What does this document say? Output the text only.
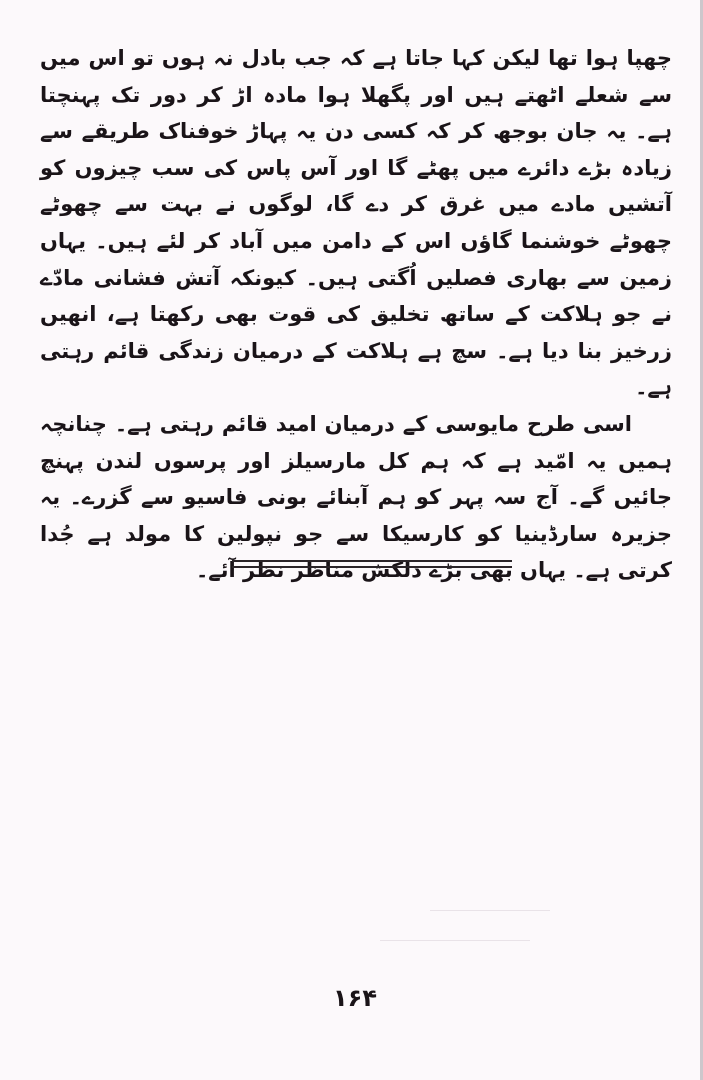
چھپا ہوا تھا لیکن کہا جاتا ہے کہ جب بادل نہ ہوں تو اس میں سے شعلے اٹھتے ہیں اور پگھلا ہوا مادہ اڑ کر دور تک پہنچتا ہے۔ یہ جان بوجھ کر کہ کسی دن یہ پہاڑ خوفناک طریقے سے زیادہ بڑے دائرے میں پھٹے گا اور آس پاس کی سب چیزوں کو آتشیں مادے میں غرق کر دے گا، لوگوں نے بہت سے چھوٹے چھوٹے خوشنما گاؤں اس کے دامن میں آباد کر لئے ہیں۔ یہاں زمین سے بھاری فصلیں اُگتی ہیں۔ کیونکہ آتش فشانی مادّے نے جو ہلاکت کے ساتھ تخلیق کی قوت بھی رکھتا ہے، انھیں زرخیز بنا دیا ہے۔ سچ ہے ہلاکت کے درمیان زندگی قائم رہتی ہے۔

اسی طرح مایوسی کے درمیان امید قائم رہتی ہے۔ چنانچہ ہمیں یہ امّید ہے کہ ہم کل مارسیلز اور پرسوں لندن پہنچ جائیں گے۔ آج سہ پہر کو ہم آبنائے بونی فاسیو سے گزرے۔ یہ جزیرہ سارڈینیا کو کارسیکا سے جو نپولین کا مولد ہے جُدا کرتی ہے۔ یہاں بھی بڑے دلکش مناظر نظر آئے۔

۱۶۴
